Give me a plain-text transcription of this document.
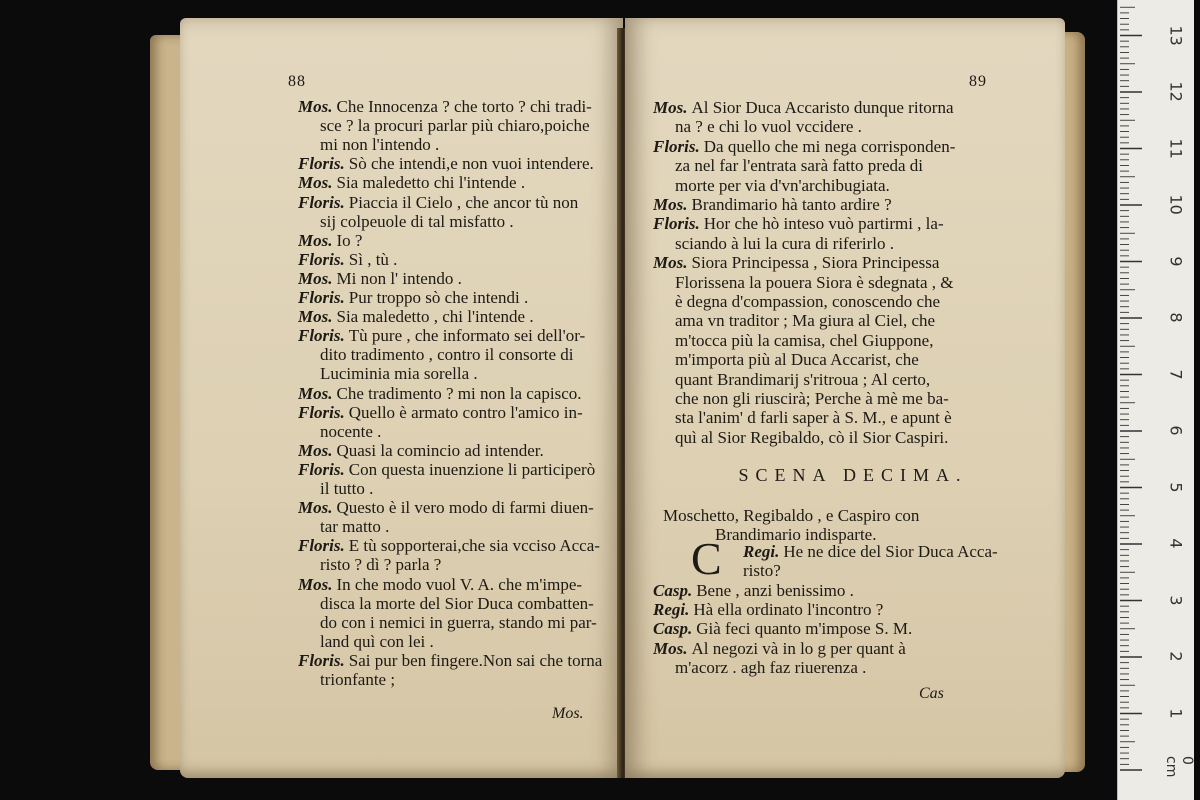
88
Mos. Che Innocenza ? che torto ? chi tradi-
sce ? la procuri parlar più chiaro,poiche
mi non l'intendo .
Floris. Sò che intendi,e non vuoi intendere.
Mos. Sia maledetto chi l'intende .
Floris. Piaccia il Cielo , che ancor tù non
sij colpeuole di tal misfatto .
Mos. Io ?
Floris. Sì , tù .
Mos. Mi non l' intendo .
Floris. Pur troppo sò che intendi .
Mos. Sia maledetto , chi l'intende .
Floris. Tù pure , che informato sei dell'or-
dito tradimento , contro il consorte di
Luciminia mia sorella .
Mos. Che tradimento ? mi non la capisco.
Floris. Quello è armato contro l'amico in-
nocente .
Mos. Quasi la comincio ad intender.
Floris. Con questa inuenzione li participerò
il tutto .
Mos. Questo è il vero modo di farmi diuen-
tar matto .
Floris. E tù sopporterai,che sia vcciso Acca-
risto ? dì ? parla ?
Mos. In che modo vuol V. A. che m'impe-
disca la morte del Sior Duca combatten-
do con i nemici in guerra, stando mi par-
land quì con lei .
Floris. Sai pur ben fingere.Non sai che torna
trionfante ;
Mos.
89
Mos. Al Sior Duca Accaristo dunque ritorna
na ? e chi lo vuol vccidere .
Floris. Da quello che mi nega corrisponden-
za nel far l'entrata sarà fatto preda di
morte per via d'vn'archibugiata.
Mos. Brandimario hà tanto ardire ?
Floris. Hor che hò inteso vuò partirmi , la-
sciando à lui la cura di riferirlo .
Mos. Siora Principessa , Siora Principessa
Florissena la pouera Siora è sdegnata , &
è degna d'compassion, conoscendo che
ama vn traditor ; Ma giura al Ciel, che
m'tocca più la camisa, chel Giuppone,
m'importa più al Duca Accarist, che
quant Brandimarij s'ritroua ; Al certo,
che non gli riuscirà; Perche à mè me ba-
sta l'anim' d farli saper à S. M., e apunt è
quì al Sior Regibaldo, cò il Sior Caspiri.
SCENA DECIMA.
Moschetto, Regibaldo , e Caspiro con
Brandimario indisparte.
C Regi. He ne dice del Sior Duca Acca-
risto?
Casp. Bene , anzi benissimo .
Regi. Hà ella ordinato l'incontro ?
Casp. Già feci quanto m'impose S. M.
Mos. Al negozi và in lo g per quant à
m'acorz . agh faz riuerenza .
Cas
1
2
3
4
5
6
7
8
9
10
11
12
13
0 cm
